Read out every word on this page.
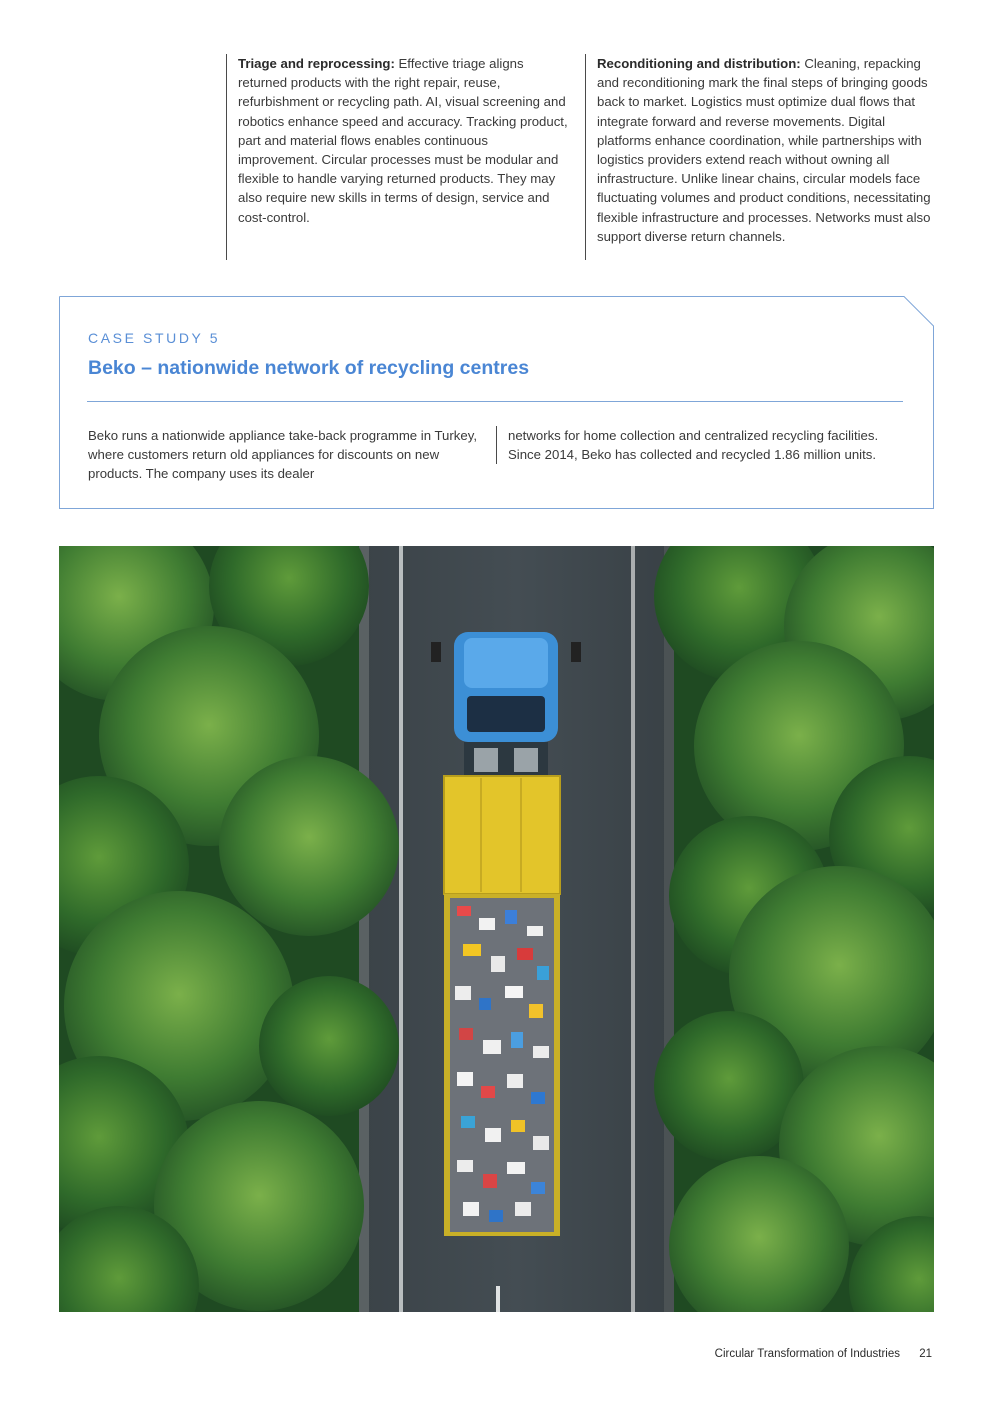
Triage and reprocessing: Effective triage aligns returned products with the right repair, reuse, refurbishment or recycling path. AI, visual screening and robotics enhance speed and accuracy. Tracking product, part and material flows enables continuous improvement. Circular processes must be modular and flexible to handle varying returned products. They may also require new skills in terms of design, service and cost-control.
Reconditioning and distribution: Cleaning, repacking and reconditioning mark the final steps of bringing goods back to market. Logistics must optimize dual flows that integrate forward and reverse movements. Digital platforms enhance coordination, while partnerships with logistics providers extend reach without owning all infrastructure. Unlike linear chains, circular models face fluctuating volumes and product conditions, necessitating flexible infrastructure and processes. Networks must also support diverse return channels.
CASE STUDY 5
Beko – nationwide network of recycling centres
Beko runs a nationwide appliance take-back programme in Turkey, where customers return old appliances for discounts on new products. The company uses its dealer
networks for home collection and centralized recycling facilities. Since 2014, Beko has collected and recycled 1.86 million units.
Circular Transformation of Industries 21
